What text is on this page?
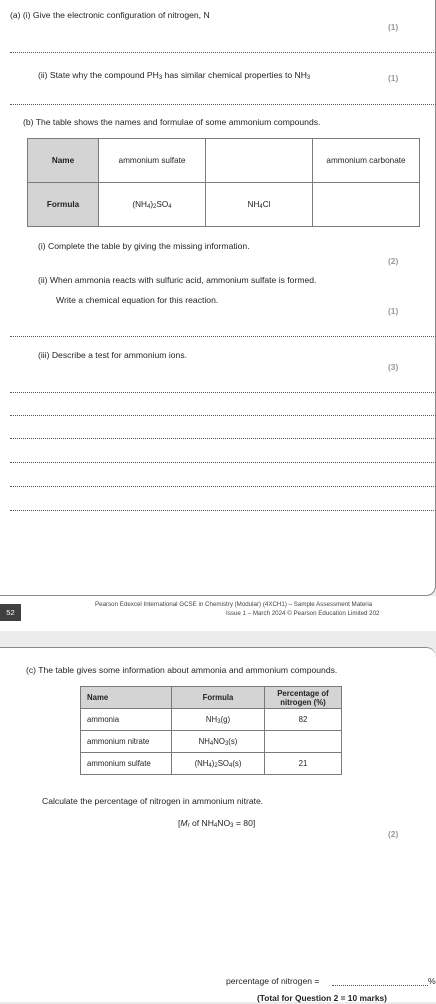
(a) (i) Give the electronic configuration of nitrogen, N
(1)
(ii) State why the compound $PH_3$ has similar chemical properties to $NH_3$	(1)
(b) The table shows the names and formulae of some ammonium compounds.
Name	ammonium sulfate		ammonium carbonate
Formula	$(NH_4)_2SO_4$	$NH_4Cl$	
(i) Complete the table by giving the missing information.
(2)
(ii) When ammonia reacts with sulfuric acid, ammonium sulfate is formed.
Write a chemical equation for this reaction.
(1)
(iii) Describe a test for ammonium ions.
(3)
52
Pearson Edexcel International GCSE in Chemistry (Modular) (4XCH1) – Sample Assessment Materia
Issue 1 – March 2024 © Pearson Education Limited 202
(c) The table gives some information about ammonia and ammonium compounds.
Name	Formula	Percentage of nitrogen (%)
ammonia	$NH_3(g)$	82
ammonium nitrate	$NH_4NO_3(s)$	
ammonium sulfate	$(NH_4)_2SO_4(s)$	21
Calculate the percentage of nitrogen in ammonium nitrate.
[$M_r$ of $NH_4NO_3 = 80$]
(2)
percentage of nitrogen =	%
(Total for Question 2 = 10 marks)
